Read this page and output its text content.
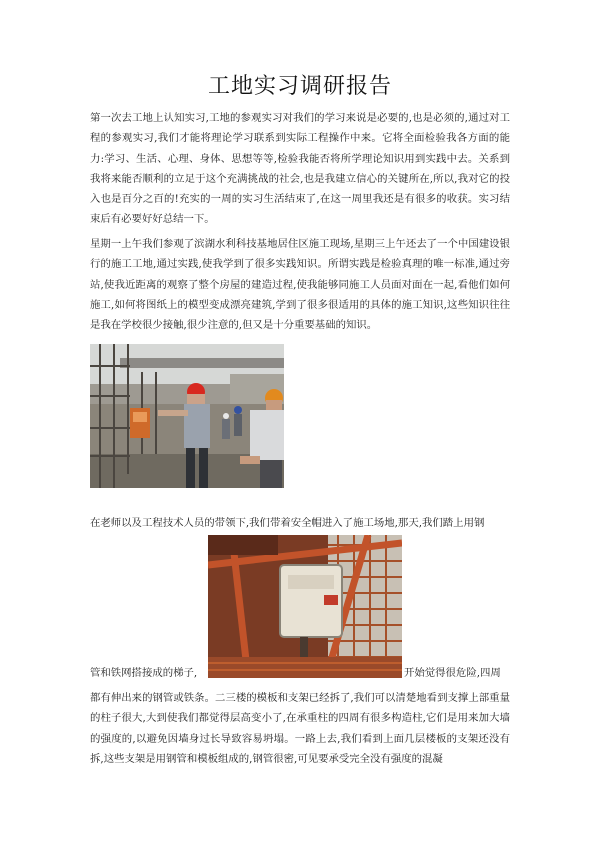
工地实习调研报告
第一次去工地上认知实习,工地的参观实习对我们的学习来说是必要的,也是必须的,通过对工程的参观实习,我们才能将理论学习联系到实际工程操作中来。它将全面检验我各方面的能力:学习、生活、心理、身体、思想等等,检验我能否将所学理论知识用到实践中去。关系到我将来能否顺利的立足于这个充满挑战的社会,也是我建立信心的关键所在,所以,我对它的投入也是百分之百的!充实的一周的实习生活结束了,在这一周里我还是有很多的收获。实习结束后有必要好好总结一下。
星期一上午我们参观了滨湖水利科技基地居住区施工现场,星期三上午还去了一个中国建设银行的施工工地,通过实践,使我学到了很多实践知识。所谓实践是检验真理的唯一标准,通过旁站,使我近距离的观察了整个房屋的建造过程,使我能够同施工人员面对面在一起,看他们如何施工,如何将图纸上的模型变成漂亮建筑,学到了很多很适用的具体的施工知识,这些知识往往是我在学校很少接触,很少注意的,但又是十分重要基础的知识。
在老师以及工程技术人员的带领下,我们带着安全帽进入了施工场地,那天,我们踏上用钢
管和铁网搭接成的梯子,	开始觉得很危险,四周
都有伸出来的钢管或铁条。二三楼的模板和支架已经拆了,我们可以清楚地看到支撑上部重量的柱子很大,大到使我们都觉得层高变小了,在承重柱的四周有很多构造柱,它们是用来加大墙的强度的,以避免因墙身过长导致容易坍塌。一路上去,我们看到上面几层楼板的支架还没有拆,这些支架是用钢管和模板组成的,钢管很密,可见要承受完全没有强度的混凝
